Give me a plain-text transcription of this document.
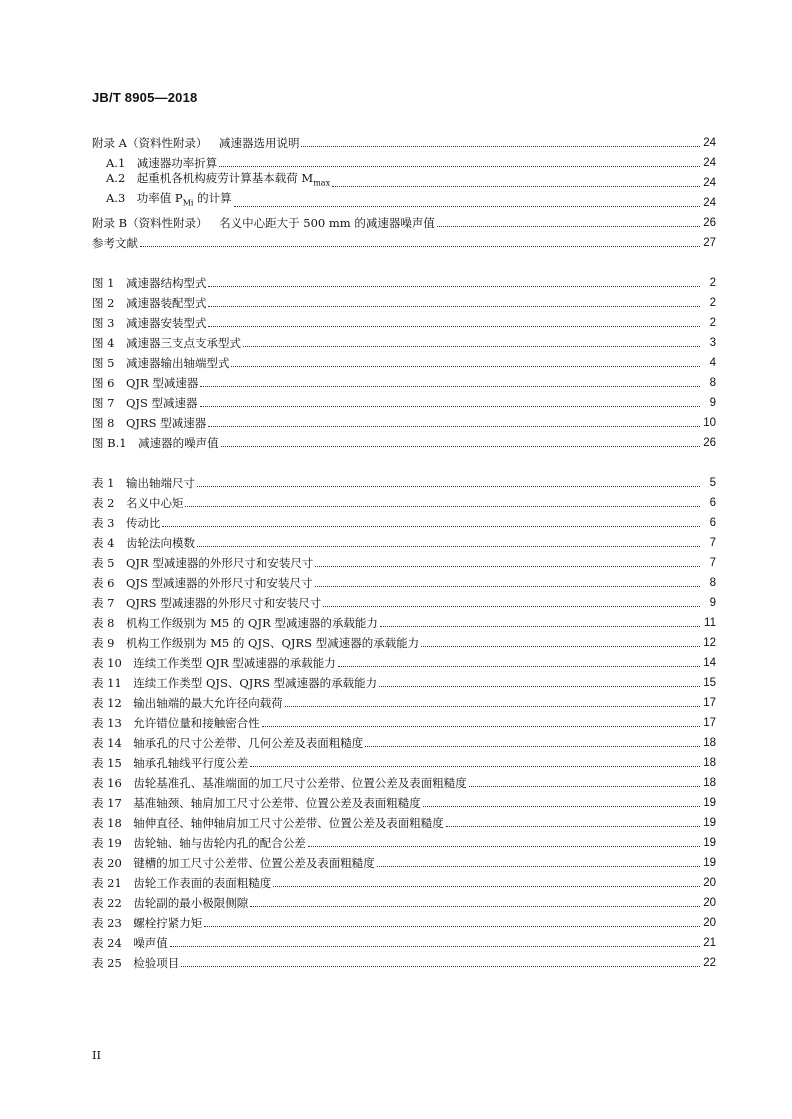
JB/T 8905—2018
附录 A（资料性附录）　 减速器选用说明	24
A.1　 减速器功率折算	24
A.2　 起重机各机构疲劳计算基本载荷 $M_{max}$	24
A.3　 功率值 $P_{Mi}$ 的计算	24
附录 B（资料性附录）　 名义中心距大于 500 mm 的减速器噪声值	26
参考文献	27
图 1　 减速器结构型式	2
图 2　 减速器装配型式	2
图 3　 减速器安装型式	2
图 4　 减速器三支点支承型式	3
图 5　 减速器输出轴端型式	4
图 6　 QJR 型减速器	8
图 7　 QJS 型减速器	9
图 8　 QJRS 型减速器	10
图 B.1　 减速器的噪声值	26
表 1　 输出轴端尺寸	5
表 2　 名义中心矩	6
表 3　 传动比	6
表 4　 齿轮法向模数	7
表 5　 QJR 型减速器的外形尺寸和安装尺寸	7
表 6　 QJS 型减速器的外形尺寸和安装尺寸	8
表 7　 QJRS 型减速器的外形尺寸和安装尺寸	9
表 8　 机构工作级别为 M5 的 QJR 型减速器的承载能力	11
表 9　 机构工作级别为 M5 的 QJS、QJRS 型减速器的承载能力	12
表 10　 连续工作类型 QJR 型减速器的承载能力	14
表 11　 连续工作类型 QJS、QJRS 型减速器的承载能力	15
表 12　 输出轴端的最大允许径向载荷	17
表 13　 允许错位量和接触密合性	17
表 14　 轴承孔的尺寸公差带、几何公差及表面粗糙度	18
表 15　 轴承孔轴线平行度公差	18
表 16　 齿轮基准孔、基准端面的加工尺寸公差带、位置公差及表面粗糙度	18
表 17　 基准轴颈、轴肩加工尺寸公差带、位置公差及表面粗糙度	19
表 18　 轴伸直径、轴伸轴肩加工尺寸公差带、位置公差及表面粗糙度	19
表 19　 齿轮轴、轴与齿轮内孔的配合公差	19
表 20　 键槽的加工尺寸公差带、位置公差及表面粗糙度	19
表 21　 齿轮工作表面的表面粗糙度	20
表 22　 齿轮副的最小极限侧隙	20
表 23　 螺栓拧紧力矩	20
表 24　 噪声值	21
表 25　 检验项目	22
II
